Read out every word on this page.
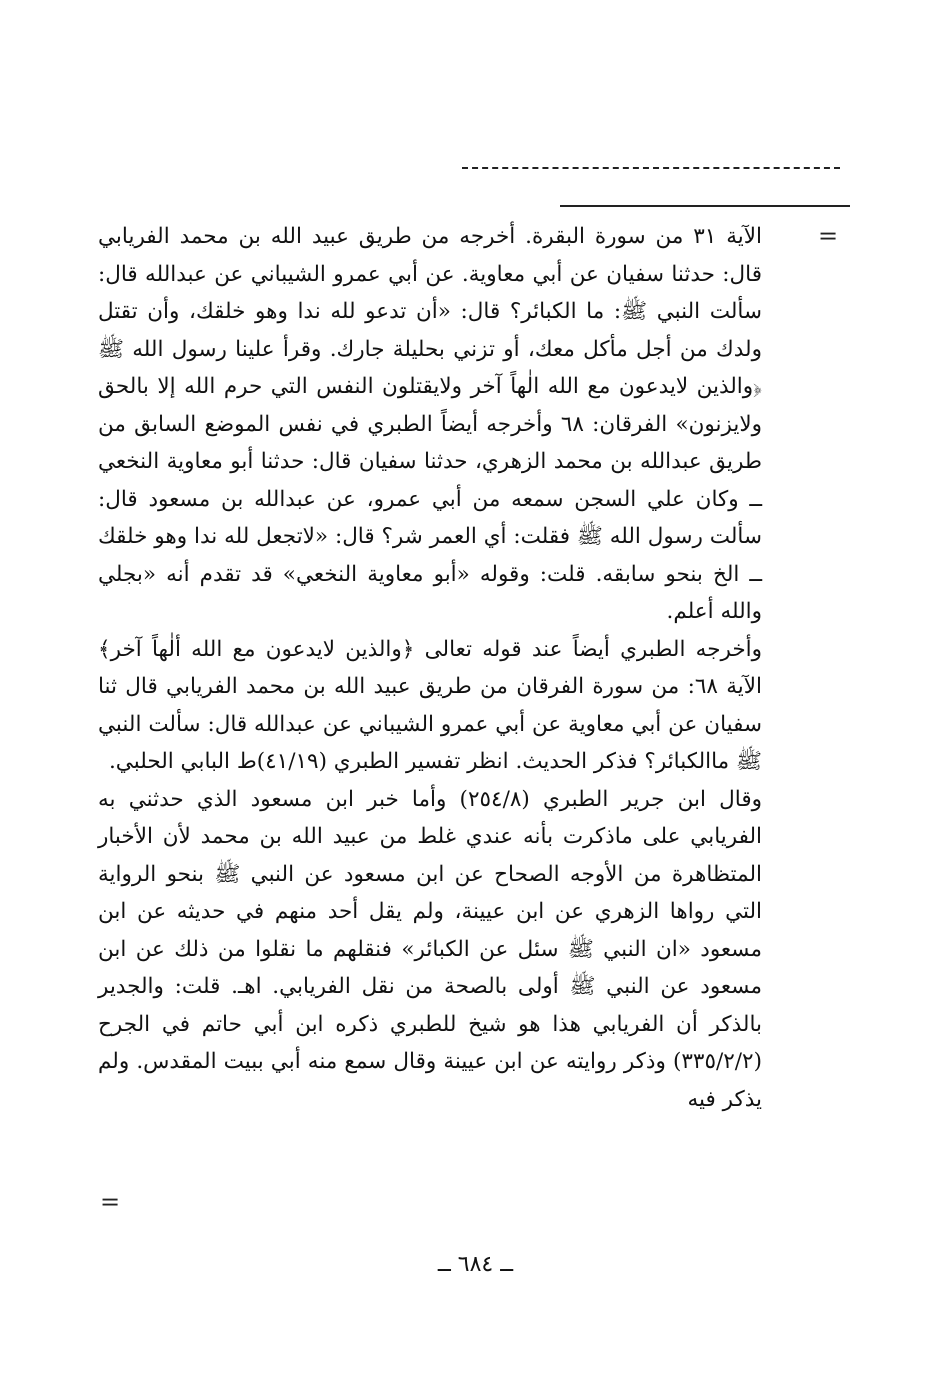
=

الآية ٣١ من سورة البقرة. أخرجه من طريق عبيد الله بن محمد الفريابي قال: حدثنا سفيان عن أبي معاوية. عن أبي عمرو الشيباني عن عبدالله قال: سألت النبي ﷺ: ما الكبائر؟ قال: «أن تدعو لله ندا وهو خلقك، وأن تقتل ولدك من أجل مأكل معك، أو تزني بحليلة جارك. وقرأ علينا رسول الله ﷺ ﴿والذين لايدعون مع الله الٰهاً آخر ولايقتلون النفس التي حرم الله إلا بالحق ولايزنون» الفرقان: ٦٨ وأخرجه أيضاً الطبري في نفس الموضع السابق من طريق عبدالله بن محمد الزهري، حدثنا سفيان قال: حدثنا أبو معاوية النخعي ــ وكان علي السجن سمعه من أبي عمرو، عن عبدالله بن مسعود قال: سألت رسول الله ﷺ فقلت: أي العمر شر؟ قال: «لاتجعل لله ندا وهو خلقك ــ الخ بنحو سابقه. قلت: وقوله «أبو معاوية النخعي» قد تقدم أنه «بجلي والله أعلم.

وأخرجه الطبري أيضاً عند قوله تعالى ﴿والذين لايدعون مع الله ألٰهاً آخر﴾ الآية ٦٨: من سورة الفرقان من طريق عبيد الله بن محمد الفريابي قال ثنا سفيان عن أبي معاوية عن أبي عمرو الشيباني عن عبدالله قال: سألت النبي ﷺ ماالكبائر؟ فذكر الحديث. انظر تفسير الطبري (٤١/١٩)ط البابي الحلبي.

وقال ابن جرير الطبري (٢٥٤/٨) وأما خبر ابن مسعود الذي حدثني به الفريابي على ماذكرت بأنه عندي غلط من عبيد الله بن محمد لأن الأخبار المتظاهرة من الأوجه الصحاح عن ابن مسعود عن النبي ﷺ بنحو الرواية التي رواها الزهري عن ابن عيينة، ولم يقل أحد منهم في حديثه عن ابن مسعود «ان النبي ﷺ سئل عن الكبائر» فنقلهم ما نقلوا من ذلك عن ابن مسعود عن النبي ﷺ أولى بالصحة من نقل الفريابي. اهـ. قلت: والجدير بالذكر أن الفريابي هذا هو شيخ للطبري ذكره ابن أبي حاتم في الجرح (٣٣٥/٢/٢) وذكر روايته عن ابن عيينة وقال سمع منه أبي ببيت المقدس. ولم يذكر فيه

=
ــ ٦٨٤ ــ
